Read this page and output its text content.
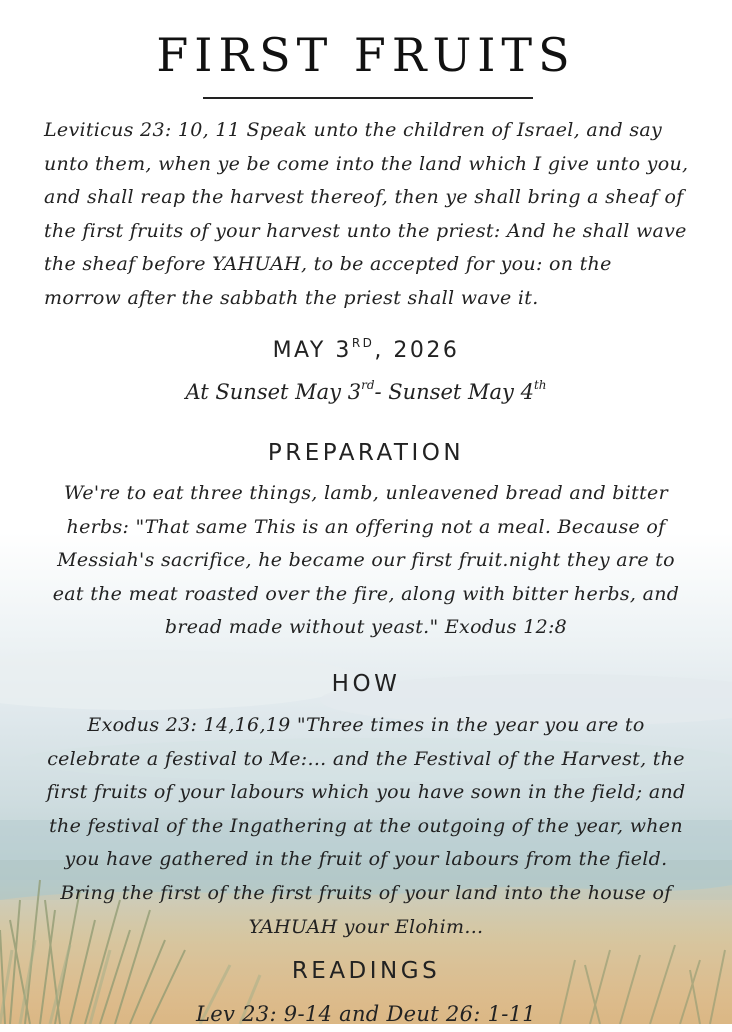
FIRST FRUITS

Leviticus 23: 10, 11 Speak unto the children of Israel, and say unto them, when ye be come into the land which I give unto you, and shall reap the harvest thereof, then ye shall bring a sheaf of the first fruits of your harvest unto the priest: And he shall wave the sheaf before YAHUAH, to be accepted for you: on the morrow after the sabbath the priest shall wave it.

MAY 3RD, 2026
At Sunset May 3rd- Sunset May 4th
PREPARATION

We're to eat three things, lamb, unleavened bread and bitter herbs: "That same This is an offering not a meal. Because of Messiah's sacrifice, he became our first fruit.night they are to eat the meat roasted over the fire, along with bitter herbs, and bread made without yeast." Exodus 12:8

HOW

Exodus 23: 14,16,19 "Three times in the year you are to celebrate a festival to Me:... and the Festival of the Harvest, the first fruits of your labours which you have sown in the field; and the festival of the Ingathering at the outgoing of the year, when you have gathered in the fruit of your labours from the field. Bring the first of the first fruits of your land into the house of YAHUAH your Elohim...

READINGS

Lev 23: 9-14 and Deut 26: 1-11
